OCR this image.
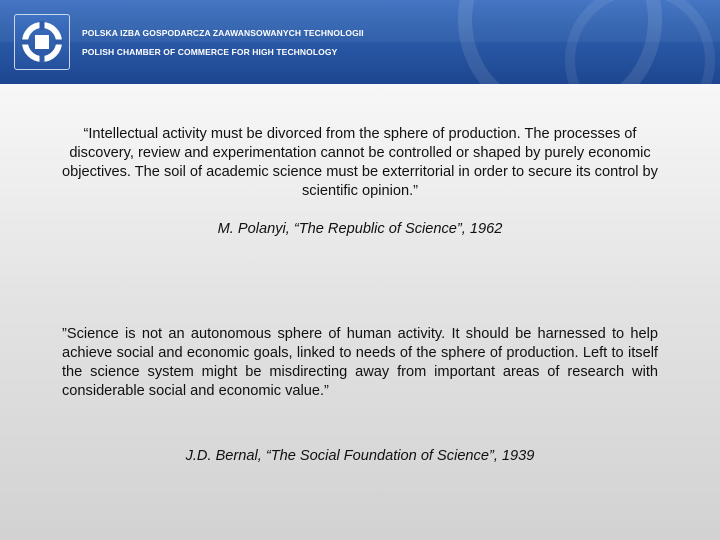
POLSKA IZBA GOSPODARCZA ZAAWANSOWANYCH TECHNOLOGII
POLISH CHAMBER OF COMMERCE FOR HIGH TECHNOLOGY
“Intellectual activity must be divorced from the sphere of production. The processes of discovery, review and experimentation cannot be controlled or shaped by purely economic objectives. The soil of academic science must be exterritorial in order to secure its control by scientific opinion.”
M. Polanyi, “The Republic of Science”, 1962
”Science is not an autonomous sphere of human activity. It should be harnessed to help achieve social and economic goals, linked to needs of the sphere of production. Left to itself the science system might be misdirecting away from important areas of research with considerable social and economic value.”
J.D. Bernal, “The Social Foundation of Science”, 1939
